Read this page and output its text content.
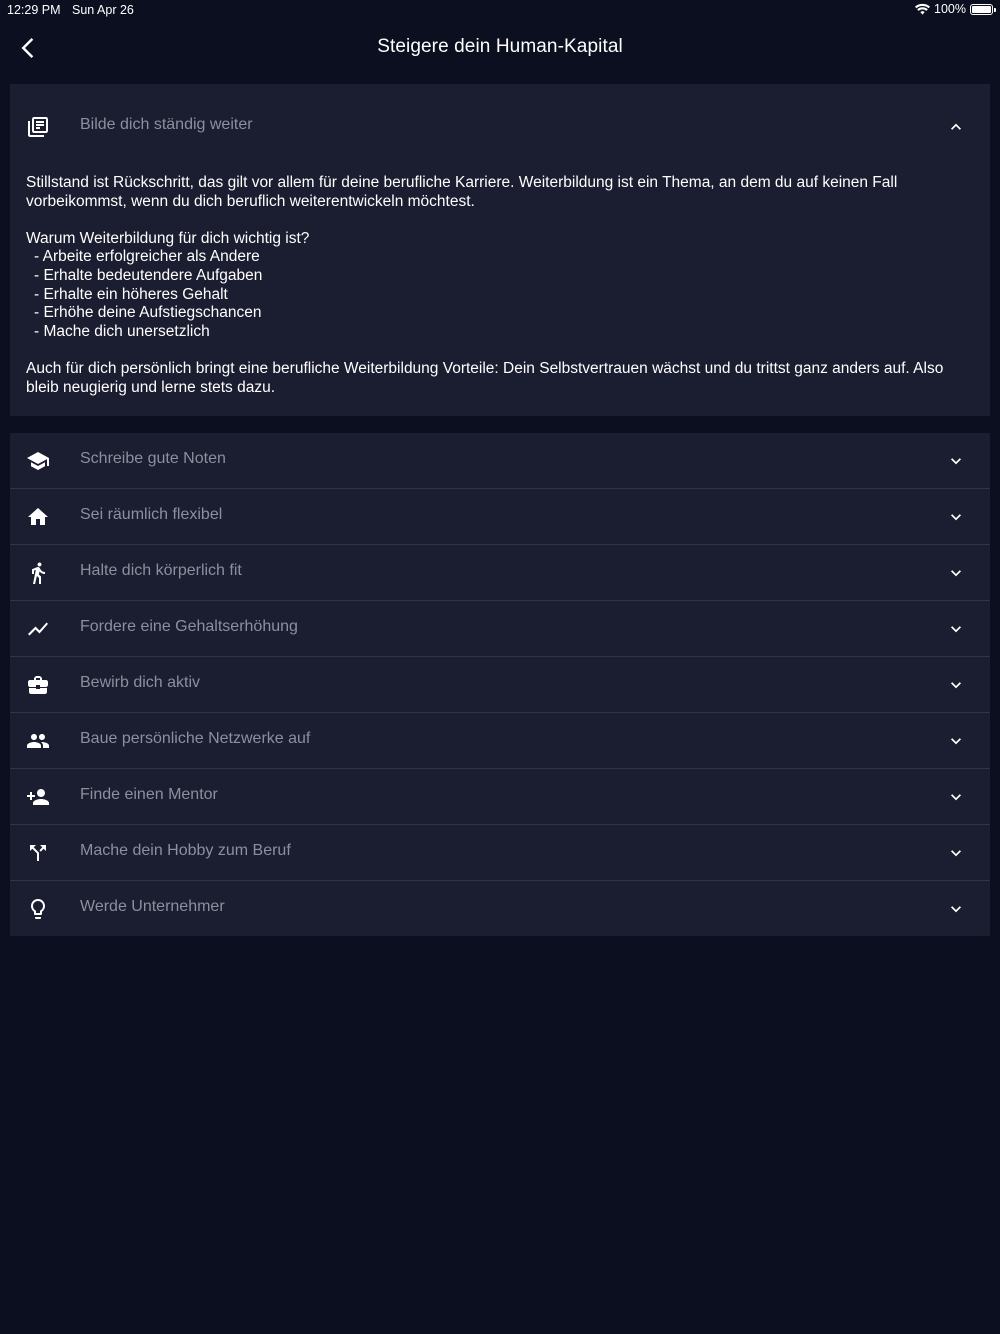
12:29 PM Sun Apr 26	100%
Steigere dein Human-Kapital
Bilde dich ständig weiter

Stillstand ist Rückschritt, das gilt vor allem für deine berufliche Karriere. Weiterbildung ist ein Thema, an dem du auf keinen Fall vorbeikommst, wenn du dich beruflich weiterentwickeln möchtest.

Warum Weiterbildung für dich wichtig ist?

- Arbeite erfolgreicher als Andere
- Erhalte bedeutendere Aufgaben
- Erhalte ein höheres Gehalt
- Erhöhe deine Aufstiegschancen
- Mache dich unersetzlich

Auch für dich persönlich bringt eine berufliche Weiterbildung Vorteile: Dein Selbstvertrauen wächst und du trittst ganz anders auf. Also bleib neugierig und lerne stets dazu.

Schreibe gute Noten
Sei räumlich flexibel
Halte dich körperlich fit
Fordere eine Gehaltserhöhung
Bewirb dich aktiv
Baue persönliche Netzwerke auf
Finde einen Mentor
Mache dein Hobby zum Beruf
Werde Unternehmer
